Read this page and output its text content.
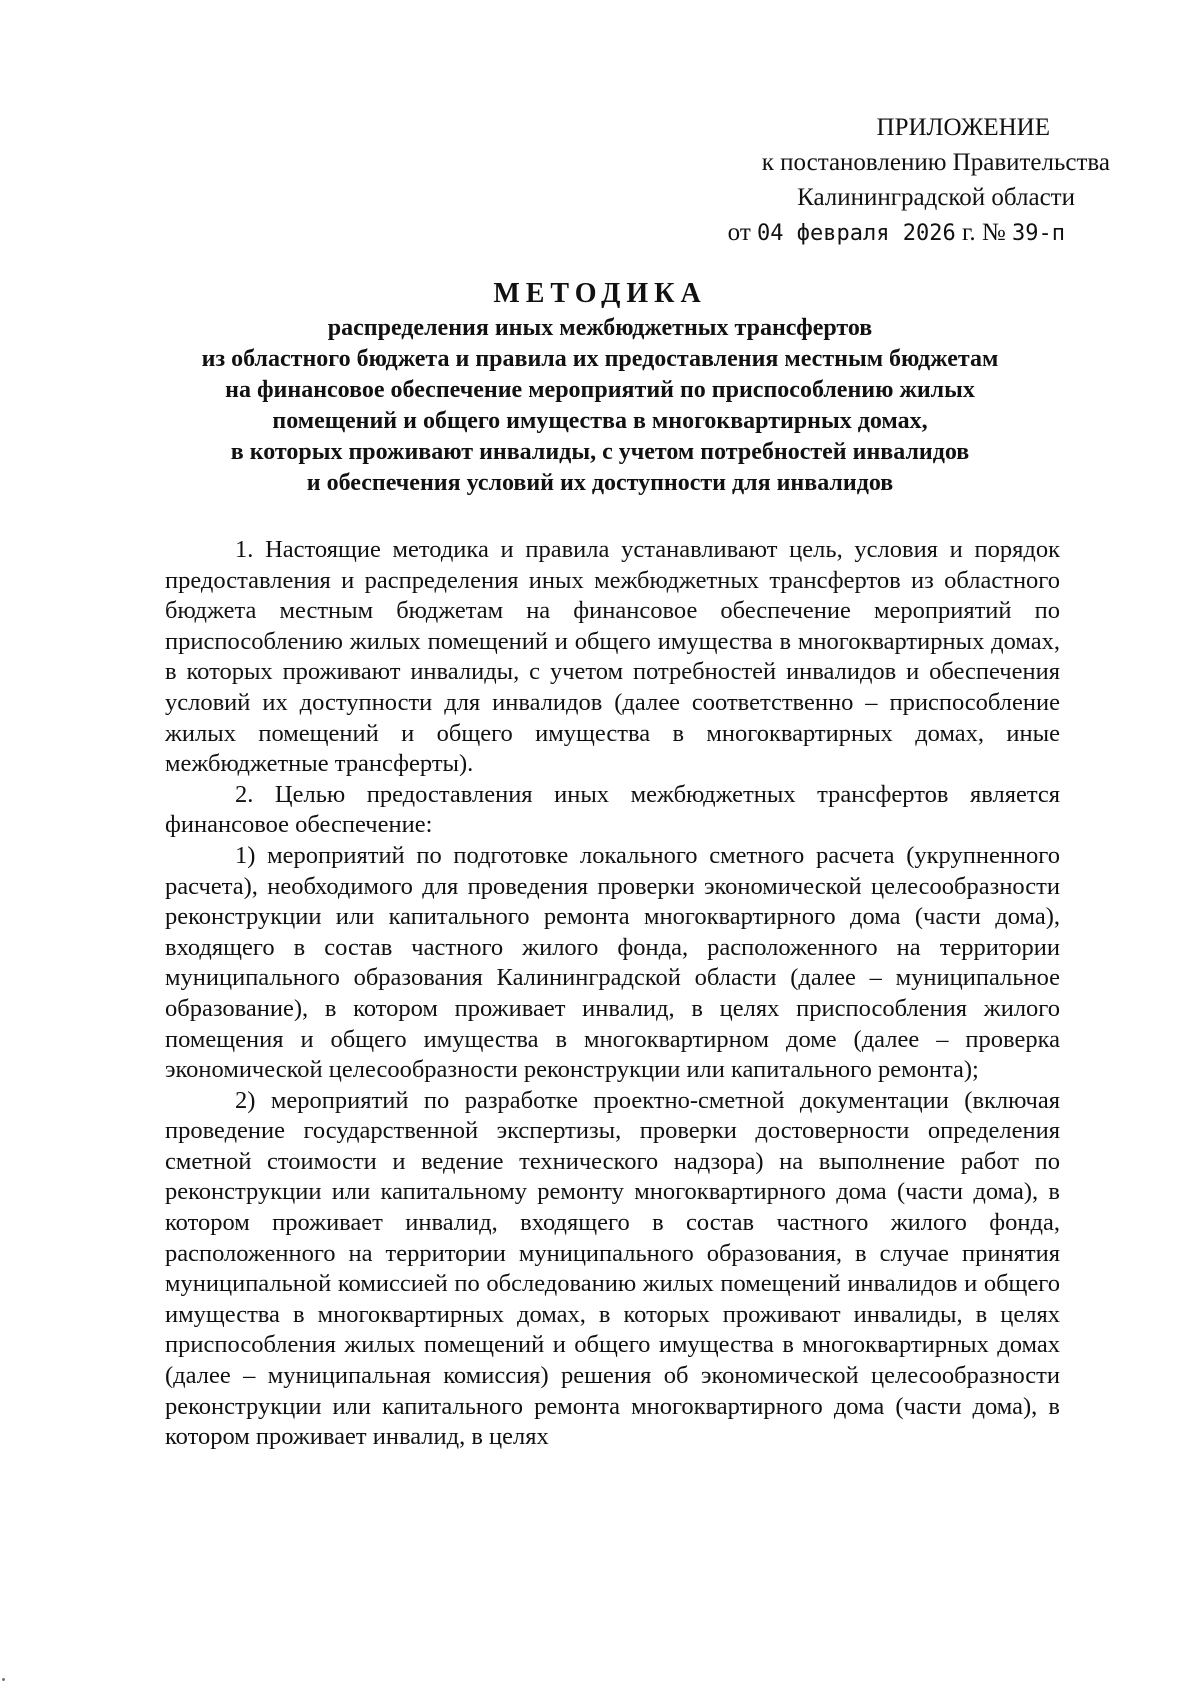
ПРИЛОЖЕНИЕ
к постановлению Правительства
Калининградской области
от 04 февраля 2026 г. № 39-п
МЕТОДИКА
распределения иных межбюджетных трансфертов
из областного бюджета и правила их предоставления местным бюджетам
на финансовое обеспечение мероприятий по приспособлению жилых
помещений и общего имущества в многоквартирных домах,
в которых проживают инвалиды, с учетом потребностей инвалидов
и обеспечения условий их доступности для инвалидов

1. Настоящие методика и правила устанавливают цель, условия и порядок предоставления и распределения иных межбюджетных трансфертов из областного бюджета местным бюджетам на финансовое обеспечение мероприятий по приспособлению жилых помещений и общего имущества в многоквартирных домах, в которых проживают инвалиды, с учетом потребностей инвалидов и обеспечения условий их доступности для инвалидов (далее соответственно – приспособление жилых помещений и общего имущества в многоквартирных домах, иные межбюджетные трансферты).

2. Целью предоставления иных межбюджетных трансфертов является финансовое обеспечение:

1) мероприятий по подготовке локального сметного расчета (укрупненного расчета), необходимого для проведения проверки экономической целесообразности реконструкции или капитального ремонта многоквартирного дома (части дома), входящего в состав частного жилого фонда, расположенного на территории муниципального образования Калининградской области (далее – муниципальное образование), в котором проживает инвалид, в целях приспособления жилого помещения и общего имущества в многоквартирном доме (далее – проверка экономической целесообразности реконструкции или капитального ремонта);

2) мероприятий по разработке проектно-сметной документации (включая проведение государственной экспертизы, проверки достоверности определения сметной стоимости и ведение технического надзора) на выполнение работ по реконструкции или капитальному ремонту многоквартирного дома (части дома), в котором проживает инвалид, входящего в состав частного жилого фонда, расположенного на территории муниципального образования, в случае принятия муниципальной комиссией по обследованию жилых помещений инвалидов и общего имущества в многоквартирных домах, в которых проживают инвалиды, в целях приспособления жилых помещений и общего имущества в многоквартирных домах (далее – муниципальная комиссия) решения об экономической целесообразности реконструкции или капитального ремонта многоквартирного дома (части дома), в котором проживает инвалид, в целях
